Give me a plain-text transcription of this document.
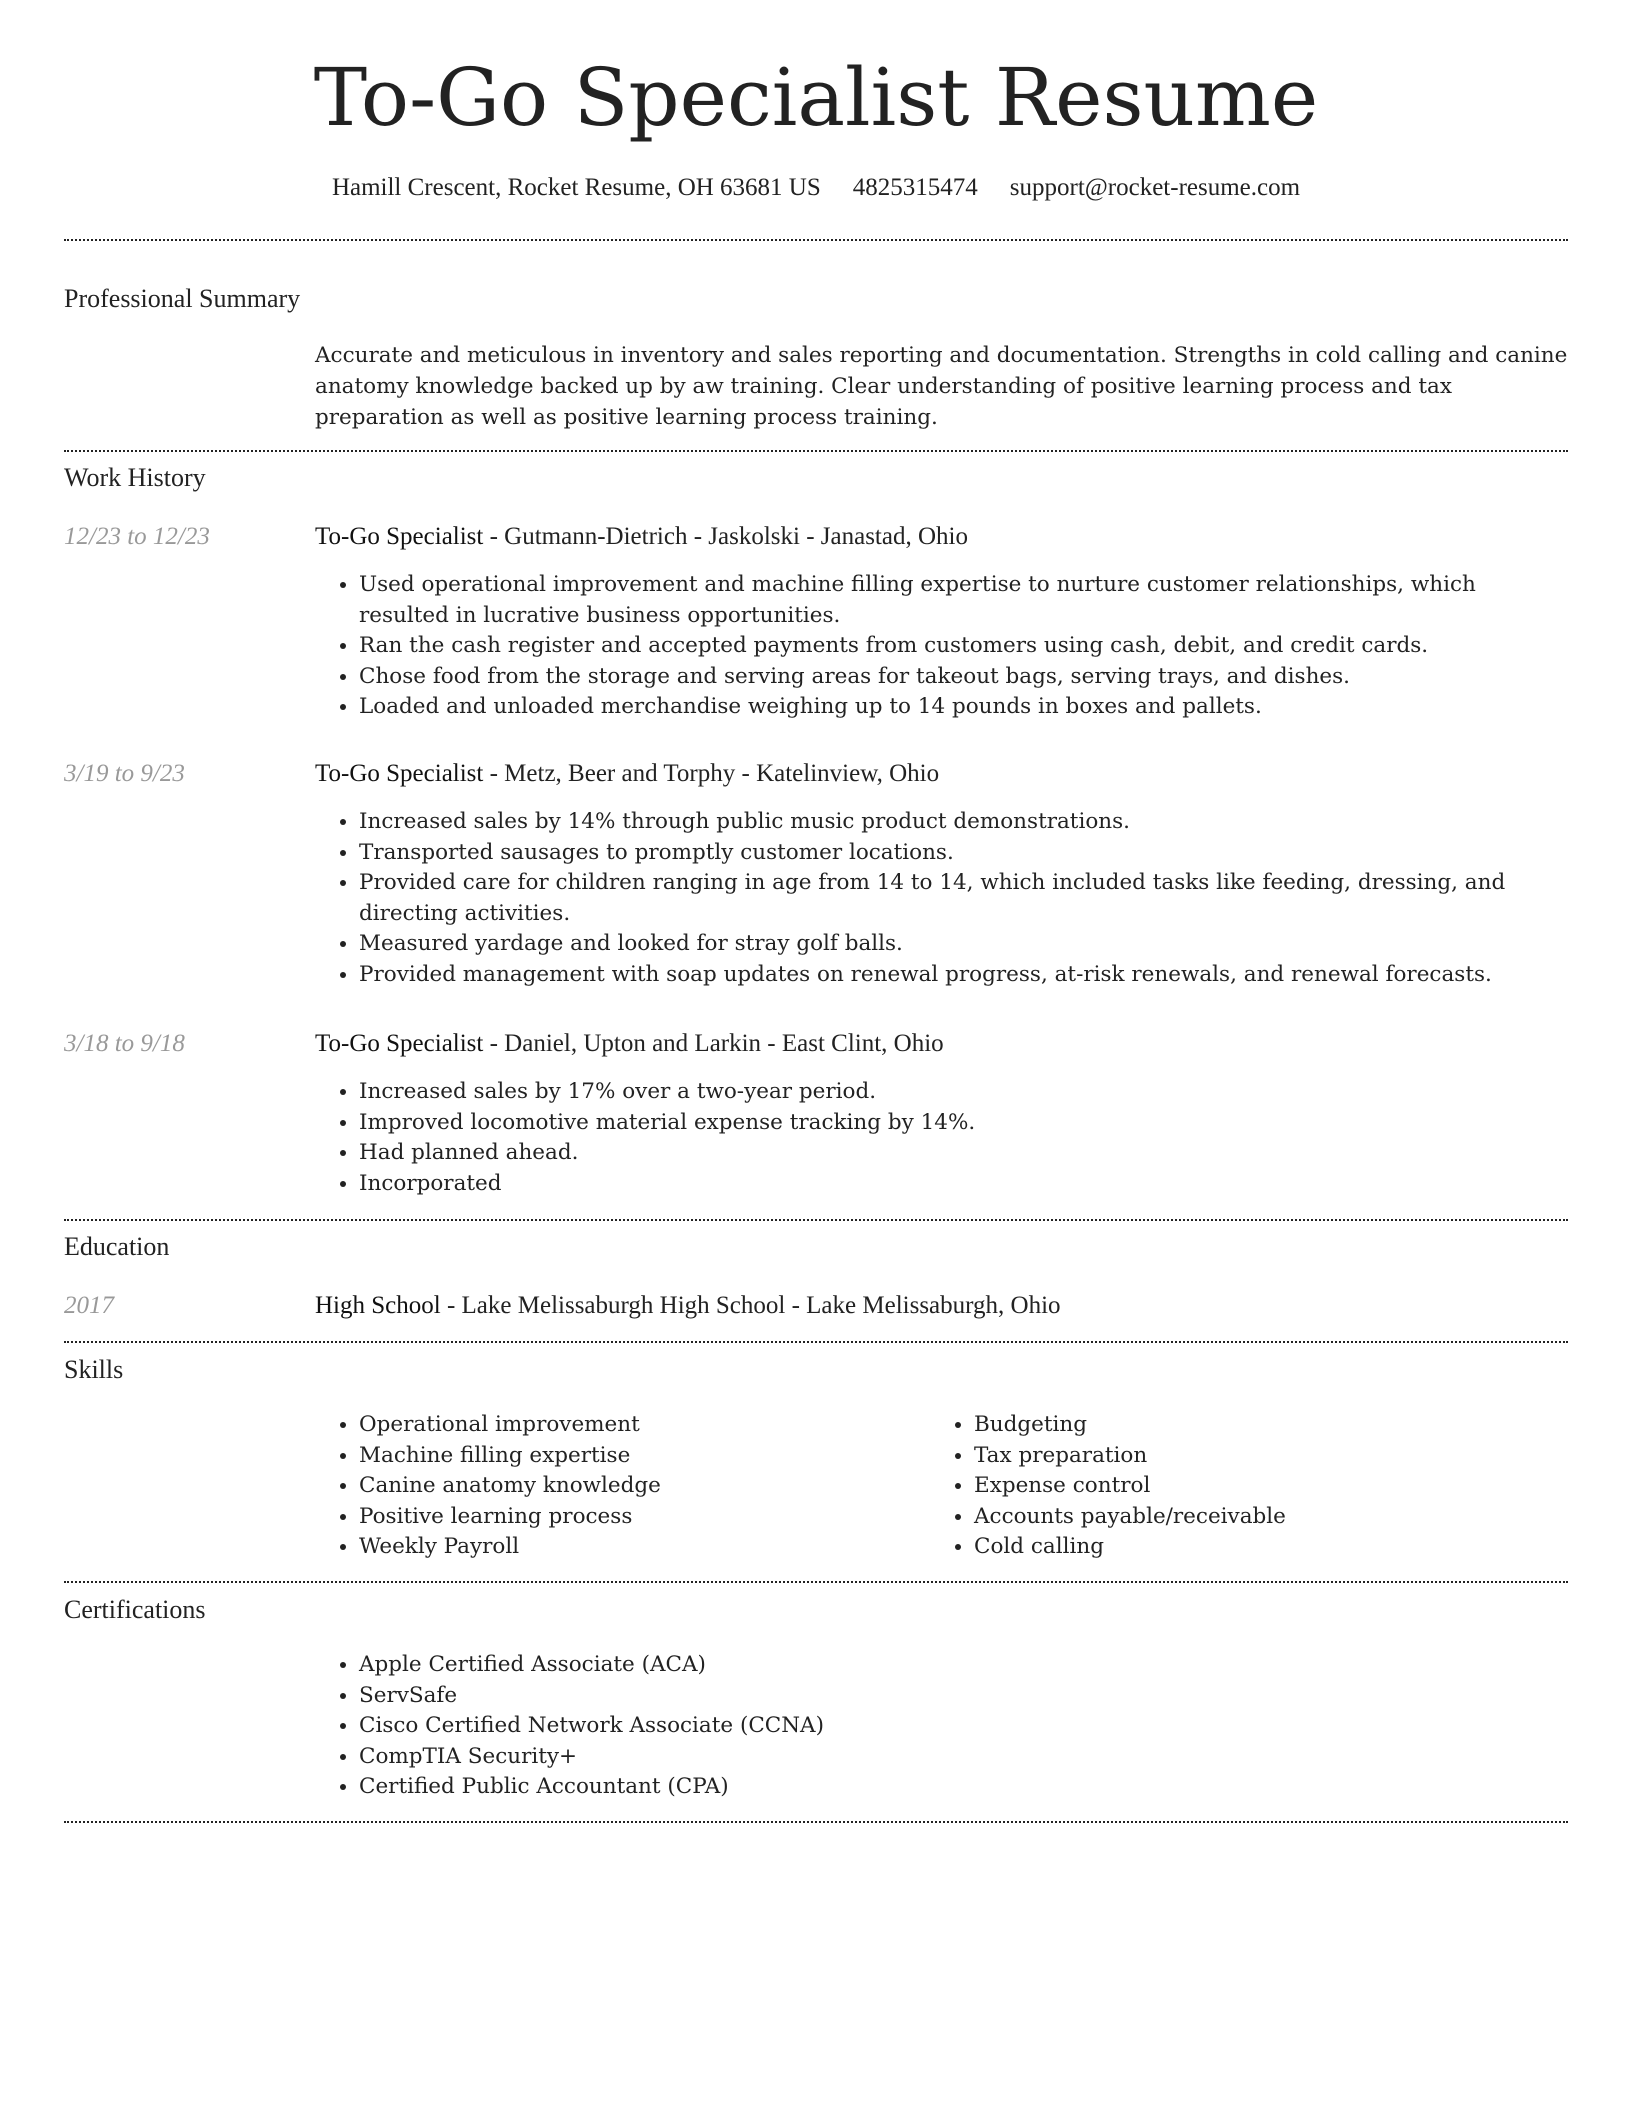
To-Go Specialist Resume
Hamill Crescent, Rocket Resume, OH 63681 US 4825315474 support@rocket-resume.com
Professional Summary
Accurate and meticulous in inventory and sales reporting and documentation. Strengths in cold calling and canine anatomy knowledge backed up by aw training. Clear understanding of positive learning process and tax preparation as well as positive learning process training.
Work History
12/23 to 12/23	To-Go Specialist - Gutmann-Dietrich - Jaskolski - Janastad, Ohio
• Used operational improvement and machine filling expertise to nurture customer relationships, which resulted in lucrative business opportunities.
• Ran the cash register and accepted payments from customers using cash, debit, and credit cards.
• Chose food from the storage and serving areas for takeout bags, serving trays, and dishes.
• Loaded and unloaded merchandise weighing up to 14 pounds in boxes and pallets.
3/19 to 9/23	To-Go Specialist - Metz, Beer and Torphy - Katelinview, Ohio
• Increased sales by 14% through public music product demonstrations.
• Transported sausages to promptly customer locations.
• Provided care for children ranging in age from 14 to 14, which included tasks like feeding, dressing, and directing activities.
• Measured yardage and looked for stray golf balls.
• Provided management with soap updates on renewal progress, at-risk renewals, and renewal forecasts.
3/18 to 9/18	To-Go Specialist - Daniel, Upton and Larkin - East Clint, Ohio
• Increased sales by 17% over a two-year period.
• Improved locomotive material expense tracking by 14%.
• Had planned ahead.
• Incorporated
Education
2017	High School - Lake Melissaburgh High School - Lake Melissaburgh, Ohio
Skills
• Operational improvement
• Machine filling expertise
• Canine anatomy knowledge
• Positive learning process
• Weekly Payroll
• Budgeting
• Tax preparation
• Expense control
• Accounts payable/receivable
• Cold calling
Certifications
• Apple Certified Associate (ACA)
• ServSafe
• Cisco Certified Network Associate (CCNA)
• CompTIA Security+
• Certified Public Accountant (CPA)
